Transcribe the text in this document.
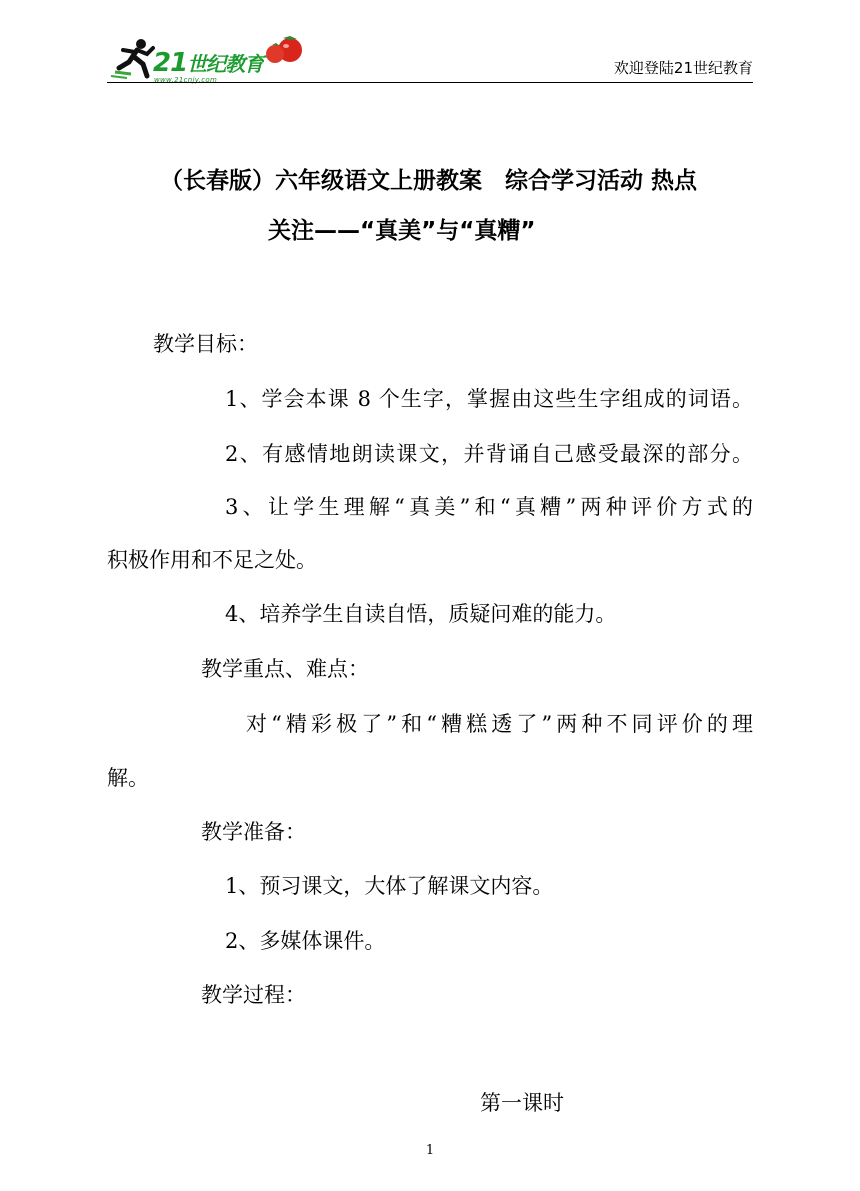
21世纪教育
www.21cnjy.com
欢迎登陆21世纪教育
（长春版）六年级语文上册教案　综合学习活动 热点
关注——“真美”与“真糟”
教学目标：
1、学会本课 8 个生字，掌握由这些生字组成的词语。
2、有感情地朗读课文，并背诵自己感受最深的部分。
3、让学生理解“真美”和“真糟”两种评价方式的
积极作用和不足之处。
4、培养学生自读自悟，质疑问难的能力。
教学重点、难点：
对“精彩极了”和“糟糕透了”两种不同评价的理
解。
教学准备：
1、预习课文，大体了解课文内容。
2、多媒体课件。
教学过程：
第一课时
1
